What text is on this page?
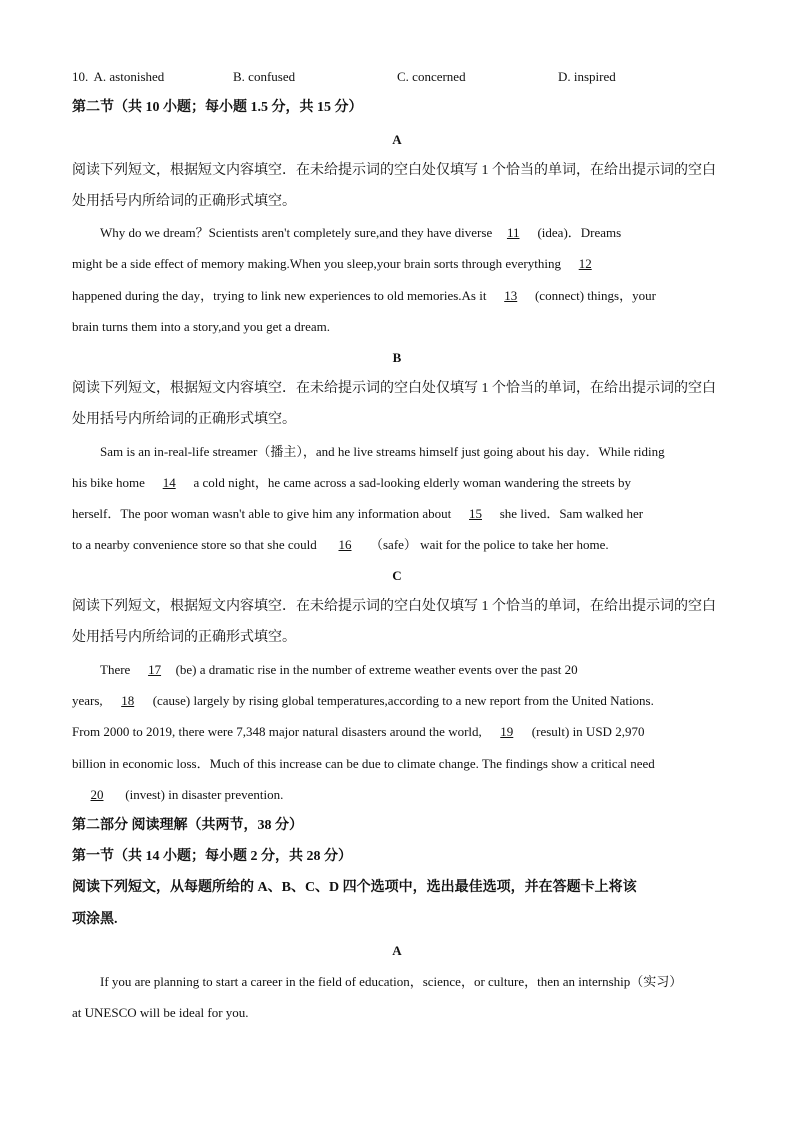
10. A. astonished	B. confused	C. concerned	D. inspired
第二节（共 10 小题；每小题 1.5 分，共 15 分）
A
阅读下列短文，根据短文内容填空．在未给提示词的空白处仅填写 1 个恰当的单词，在给出提示词的空白
处用括号内所给词的正确形式填空。
Why do we dream？Scientists aren't completely sure,and they have diverse 11 (idea)．Dreams
might be a side effect of memory making.When you sleep,your brain sorts through everything 12
happened during the day，trying to link new experiences to old memories.As it 13 (connect) things，your
brain turns them into a story,and you get a dream.
B
阅读下列短文，根据短文内容填空．在未给提示词的空白处仅填写 1 个恰当的单词，在给出提示词的空白
处用括号内所给词的正确形式填空。
Sam is an in-real-life streamer（播主），and he live streams himself just going about his day．While riding
his bike home 14 a cold night，he came across a sad-looking elderly woman wandering the streets by
herself．The poor woman wasn't able to give him any information about 15 she lived．Sam walked her
to a nearby convenience store so that she could 16 （safe） wait for the police to take her home.
C
阅读下列短文，根据短文内容填空．在未给提示词的空白处仅填写 1 个恰当的单词，在给出提示词的空白
处用括号内所给词的正确形式填空。
There 17 (be) a dramatic rise in the number of extreme weather events over the past 20
years, 18 (cause) largely by rising global temperatures,according to a new report from the United Nations.
From 2000 to 2019, there were 7,348 major natural disasters around the world, 19 (result) in USD 2,970
billion in economic loss．Much of this increase can be due to climate change. The findings show a critical need
20 (invest) in disaster prevention.
第二部分 阅读理解（共两节，38 分）
第一节（共 14 小题；每小题 2 分，共 28 分）
阅读下列短文，从每题所给的 A、B、C、D 四个选项中，选出最佳选项，并在答题卡上将该
项涂黑.
A
If you are planning to start a career in the field of education，science，or culture，then an internship（实习）
at UNESCO will be ideal for you.
